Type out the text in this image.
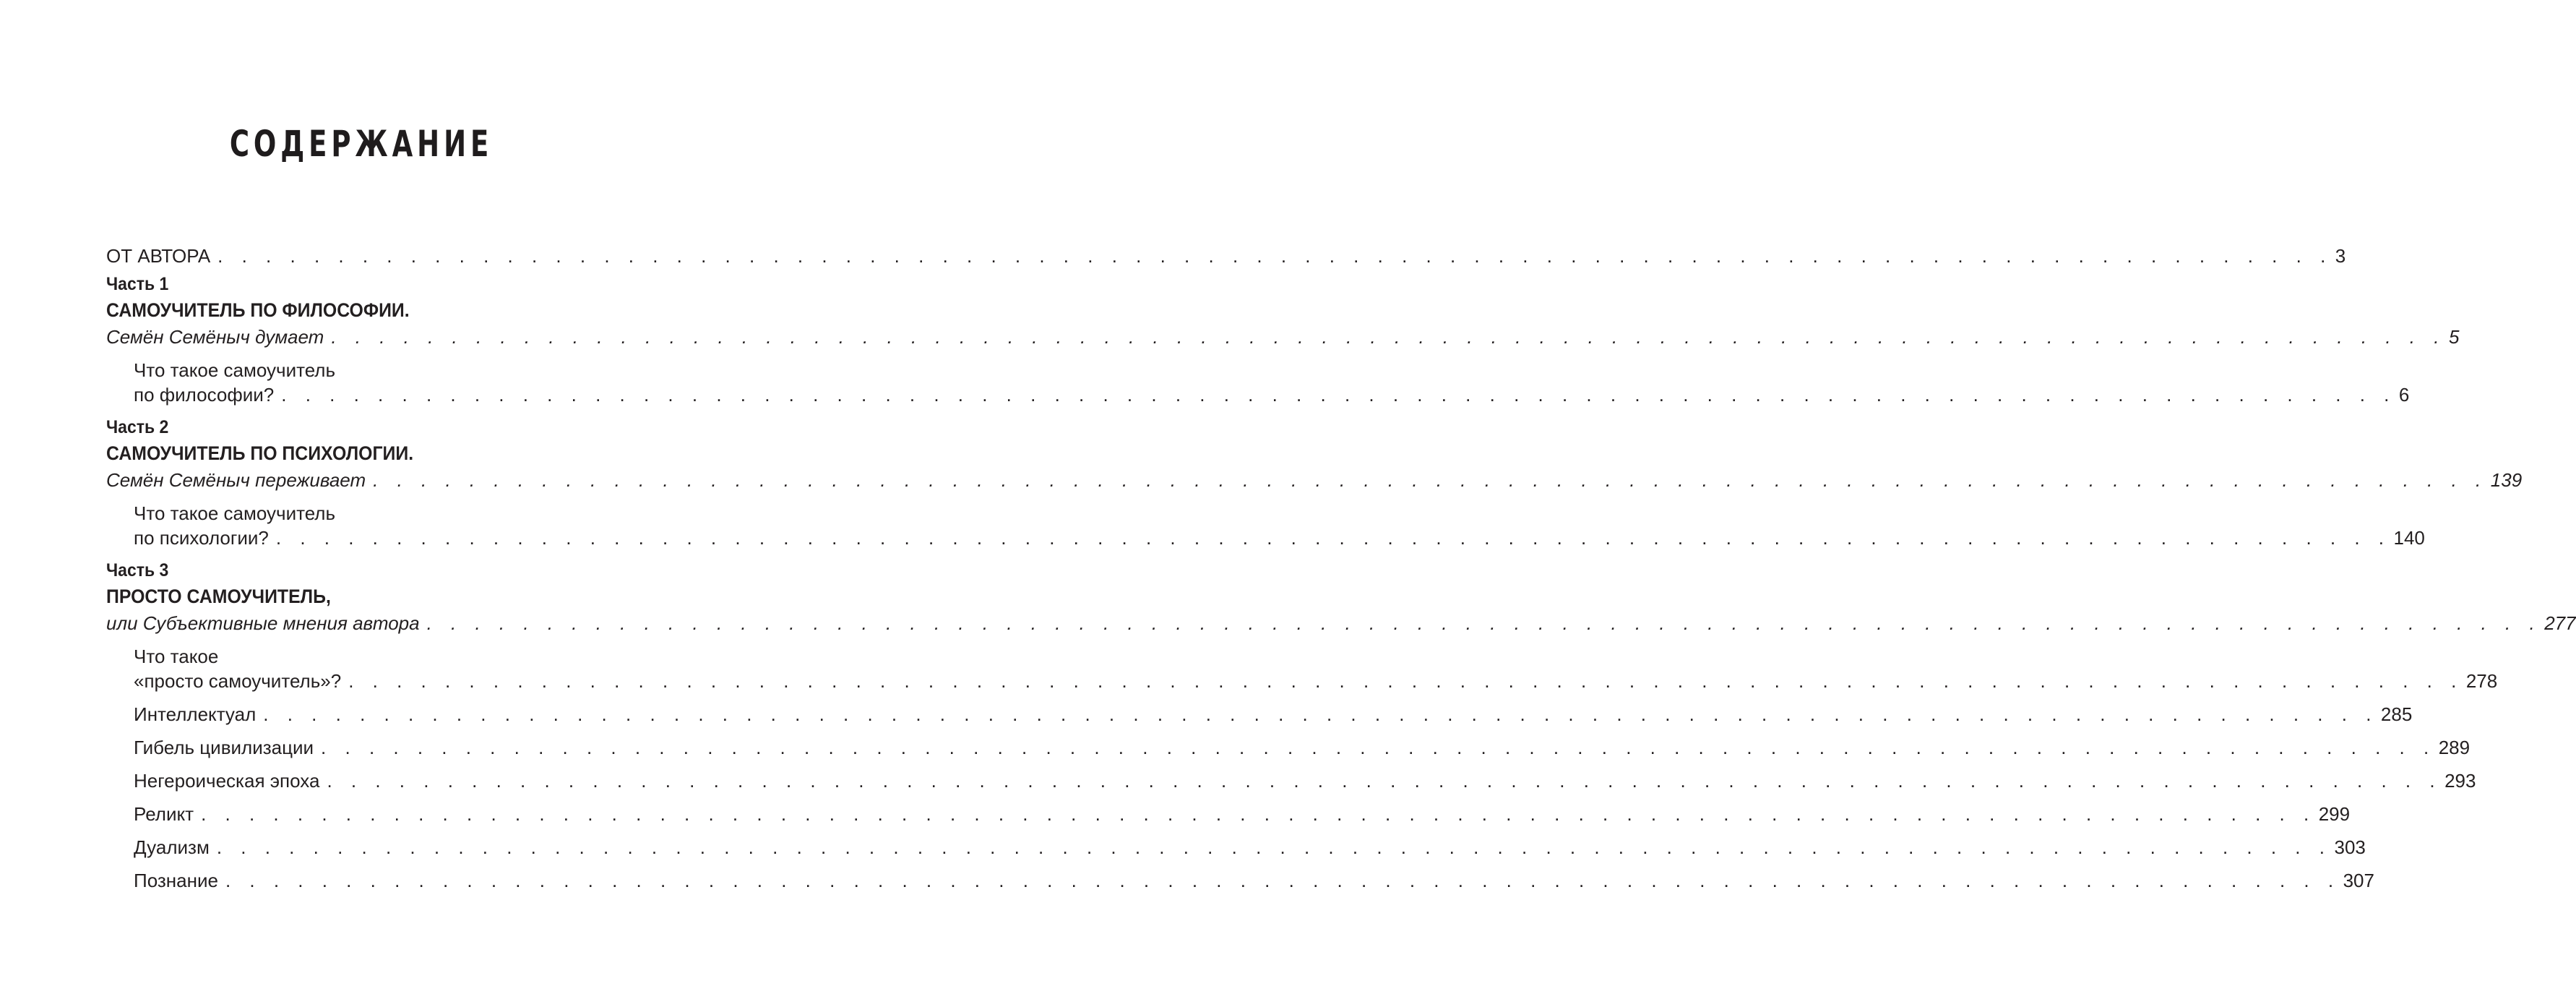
СОДЕРЖАНИЕ
ОТ АВТОРА . . . . . . . . . . . . . . . . . . . . . . . . . . . . . . . . . . . . . . . . . . . . . . . . . . . . . . . . . . . . . . . . . . . . . . . . . . . . . . . . . . . . . . . . 3
Часть 1
САМОУЧИТЕЛЬ ПО ФИЛОСОФИИ.
Семён Семёныч думает . . . . . . . . . . . . . . . . . . . . . . . . . . . . . . . . . . . . . . . . . . . . . . . . . . . . . . . . . . . . . . . . . . . . . . . . . . . . . . . . . . . . . . . . 5
Что такое самоучитель
по философии? . . . . . . . . . . . . . . . . . . . . . . . . . . . . . . . . . . . . . . . . . . . . . . . . . . . . . . . . . . . . . . . . . . . . . . . . . . . . . . . . . . . . . . . . 6
Часть 2
САМОУЧИТЕЛЬ ПО ПСИХОЛОГИИ.
Семён Семёныч переживает . . . . . . . . . . . . . . . . . . . . . . . . . . . . . . . . . . . . . . . . . . . . . . . . . . . . . . . . . . . . . . . . . . . . . . . . . . . . . . . . . . . . . . . . 139
Что такое самоучитель
по психологии? . . . . . . . . . . . . . . . . . . . . . . . . . . . . . . . . . . . . . . . . . . . . . . . . . . . . . . . . . . . . . . . . . . . . . . . . . . . . . . . . . . . . . . . . 140
Часть 3
ПРОСТО САМОУЧИТЕЛЬ,
или Субъективные мнения автора . . . . . . . . . . . . . . . . . . . . . . . . . . . . . . . . . . . . . . . . . . . . . . . . . . . . . . . . . . . . . . . . . . . . . . . . . . . . . . . . . . . . . . . . 277
Что такое
«просто самоучитель»? . . . . . . . . . . . . . . . . . . . . . . . . . . . . . . . . . . . . . . . . . . . . . . . . . . . . . . . . . . . . . . . . . . . . . . . . . . . . . . . . . . . . . . . . 278
Интеллектуал . . . . . . . . . . . . . . . . . . . . . . . . . . . . . . . . . . . . . . . . . . . . . . . . . . . . . . . . . . . . . . . . . . . . . . . . . . . . . . . . . . . . . . . . 285
Гибель цивилизации . . . . . . . . . . . . . . . . . . . . . . . . . . . . . . . . . . . . . . . . . . . . . . . . . . . . . . . . . . . . . . . . . . . . . . . . . . . . . . . . . . . . . . . . 289
Негероическая эпоха . . . . . . . . . . . . . . . . . . . . . . . . . . . . . . . . . . . . . . . . . . . . . . . . . . . . . . . . . . . . . . . . . . . . . . . . . . . . . . . . . . . . . . . . 293
Реликт . . . . . . . . . . . . . . . . . . . . . . . . . . . . . . . . . . . . . . . . . . . . . . . . . . . . . . . . . . . . . . . . . . . . . . . . . . . . . . . . . . . . . . . . 299
Дуализм . . . . . . . . . . . . . . . . . . . . . . . . . . . . . . . . . . . . . . . . . . . . . . . . . . . . . . . . . . . . . . . . . . . . . . . . . . . . . . . . . . . . . . . . 303
Познание . . . . . . . . . . . . . . . . . . . . . . . . . . . . . . . . . . . . . . . . . . . . . . . . . . . . . . . . . . . . . . . . . . . . . . . . . . . . . . . . . . . . . . . . 307
